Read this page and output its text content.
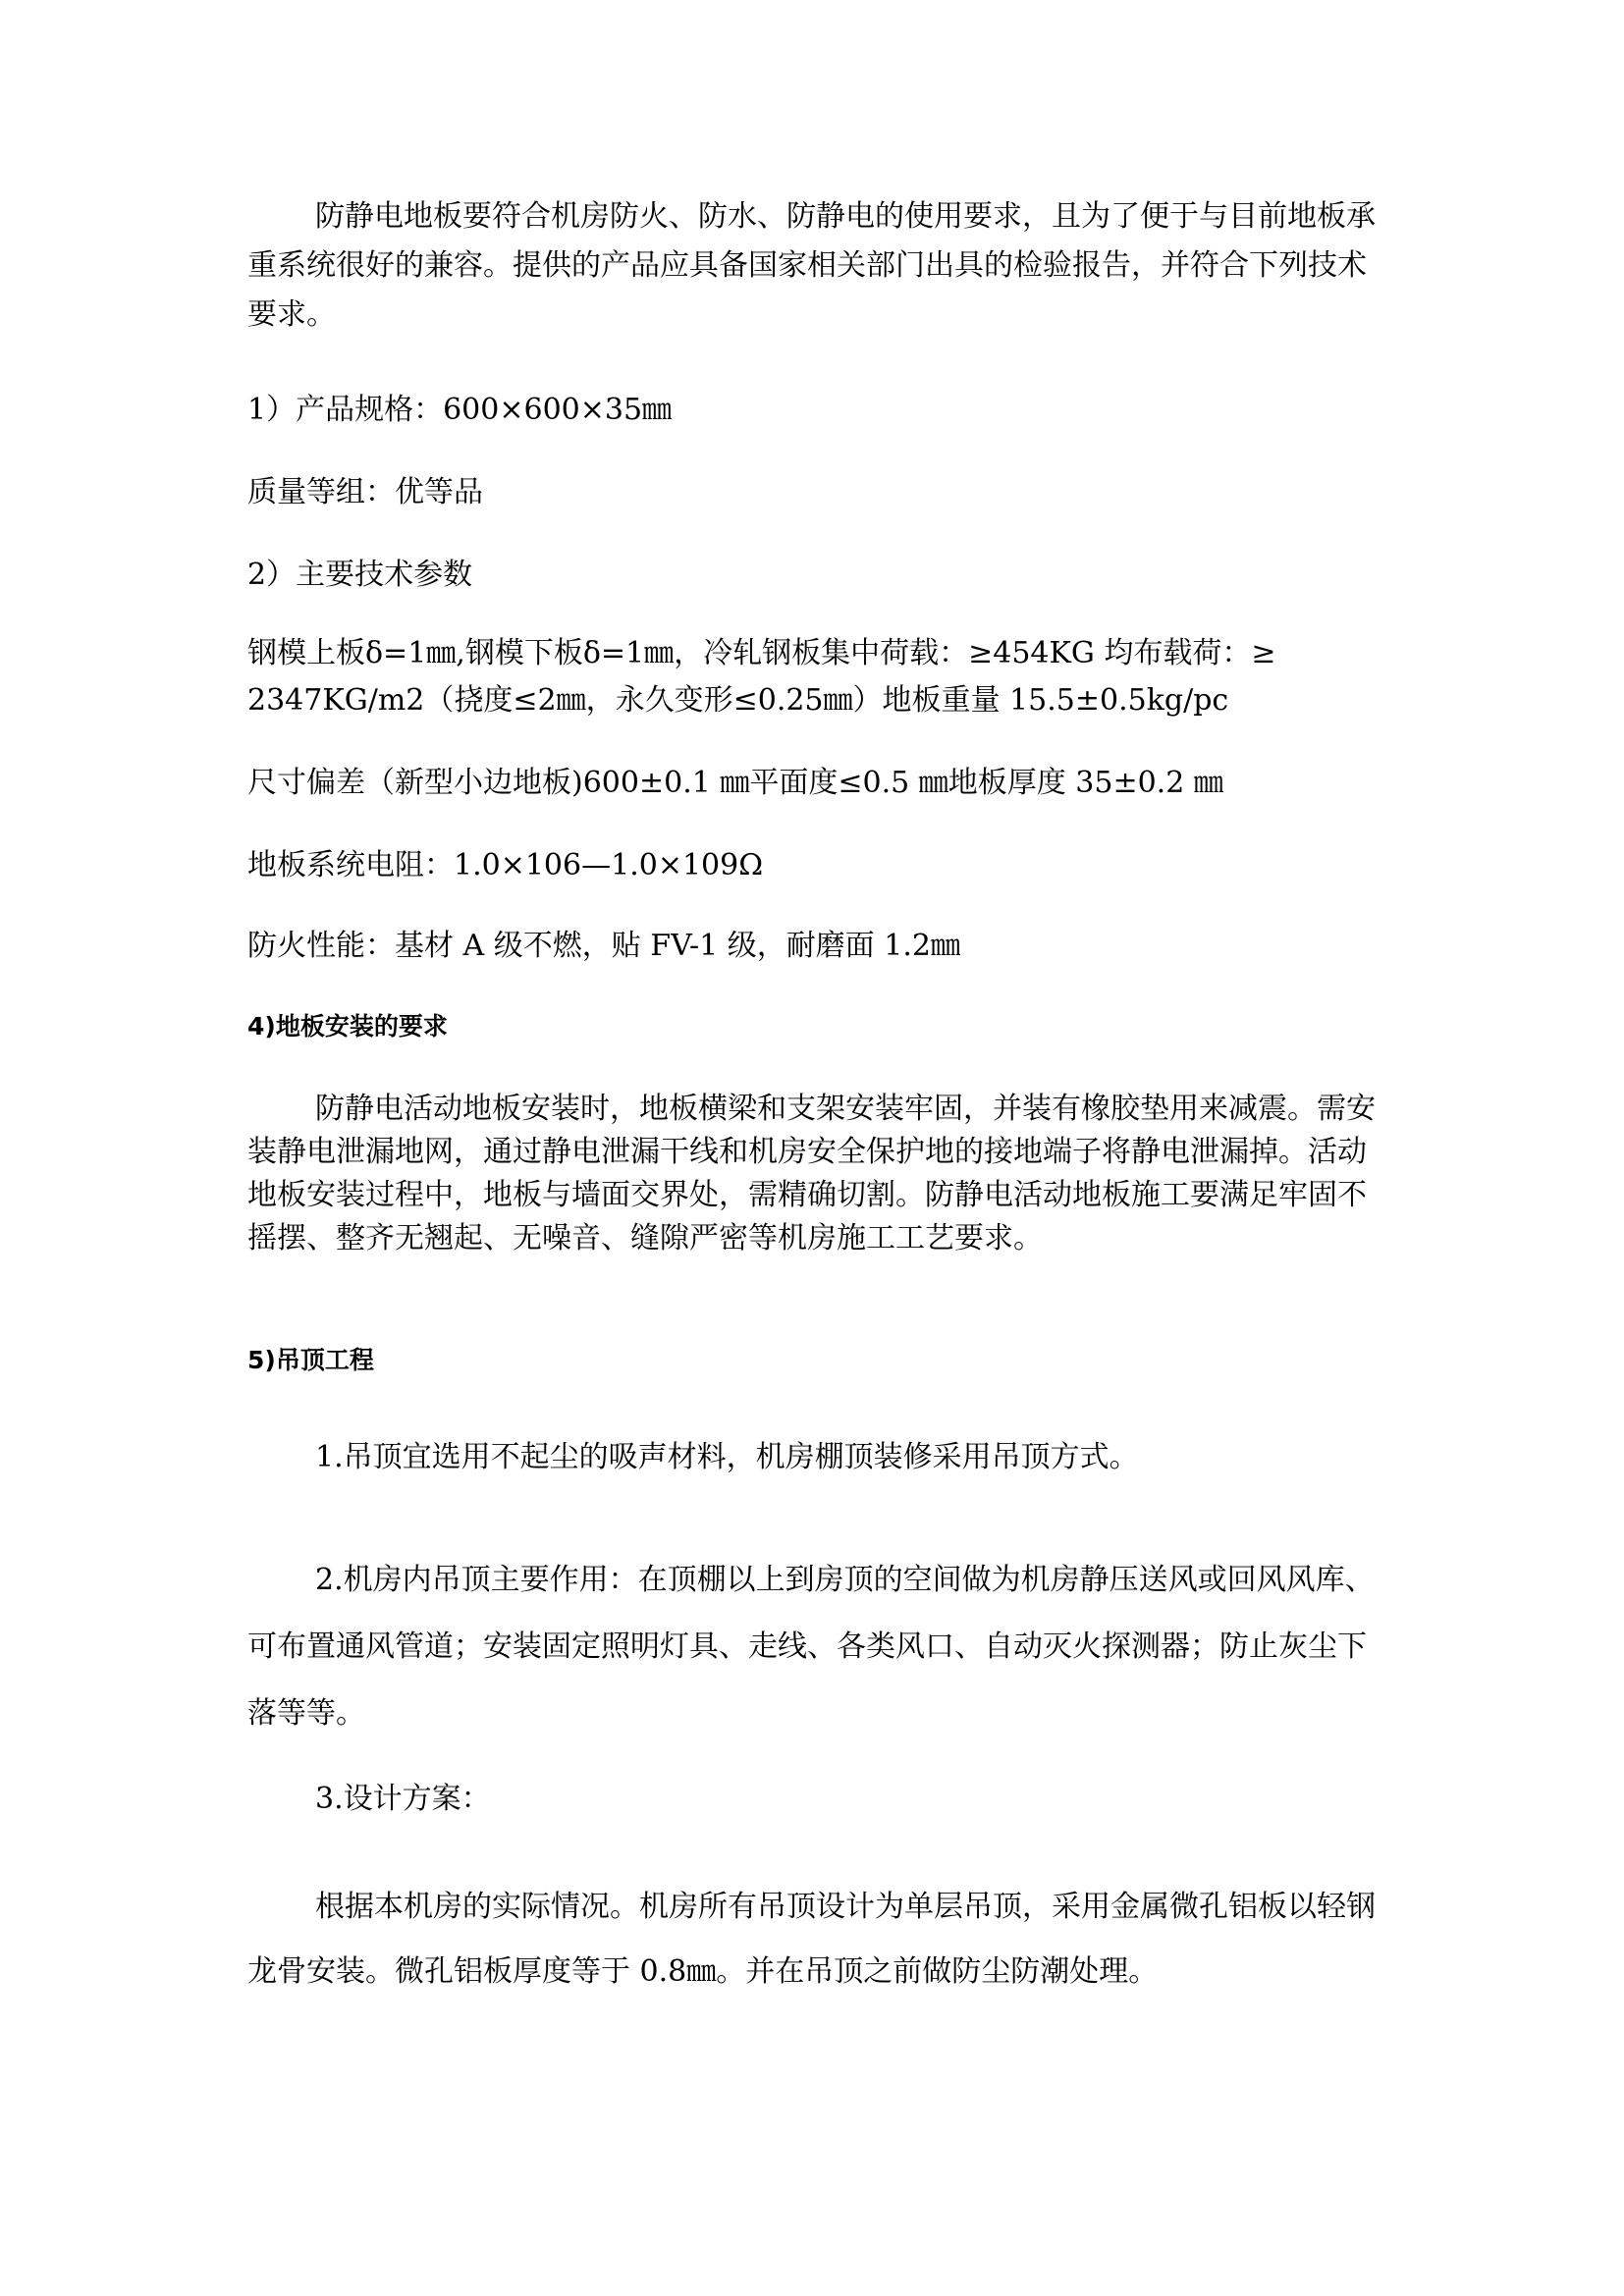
防静电地板要符合机房防火、防水、防静电的使用要求，且为了便于与目前地板承重系统很好的兼容。提供的产品应具备国家相关部门出具的检验报告，并符合下列技术要求。

1）产品规格：600×600×35㎜

质量等组：优等品

2）主要技术参数

钢模上板δ=1㎜,钢模下板δ=1㎜，冷轧钢板集中荷载：≥454KG 均布载荷：≥

2347KG/m2（挠度≤2㎜，永久变形≤0.25㎜）地板重量 15.5±0.5kg/pc

尺寸偏差（新型小边地板)600±0.1 ㎜平面度≤0.5 ㎜地板厚度 35±0.2 ㎜

地板系统电阻：1.0×106—1.0×109Ω

防火性能：基材 A 级不燃，贴 FV-1 级，耐磨面 1.2㎜

4)地板安装的要求

防静电活动地板安装时，地板横梁和支架安装牢固，并装有橡胶垫用来减震。需安装静电泄漏地网，通过静电泄漏干线和机房安全保护地的接地端子将静电泄漏掉。活动地板安装过程中，地板与墙面交界处，需精确切割。防静电活动地板施工要满足牢固不摇摆、整齐无翘起、无噪音、缝隙严密等机房施工工艺要求。

5)吊顶工程

1.吊顶宜选用不起尘的吸声材料，机房棚顶装修采用吊顶方式。

2.机房内吊顶主要作用：在顶棚以上到房顶的空间做为机房静压送风或回风风库、可布置通风管道；安装固定照明灯具、走线、各类风口、自动灭火探测器；防止灰尘下落等等。

3.设计方案：

根据本机房的实际情况。机房所有吊顶设计为单层吊顶，采用金属微孔铝板以轻钢龙骨安装。微孔铝板厚度等于 0.8㎜。并在吊顶之前做防尘防潮处理。
